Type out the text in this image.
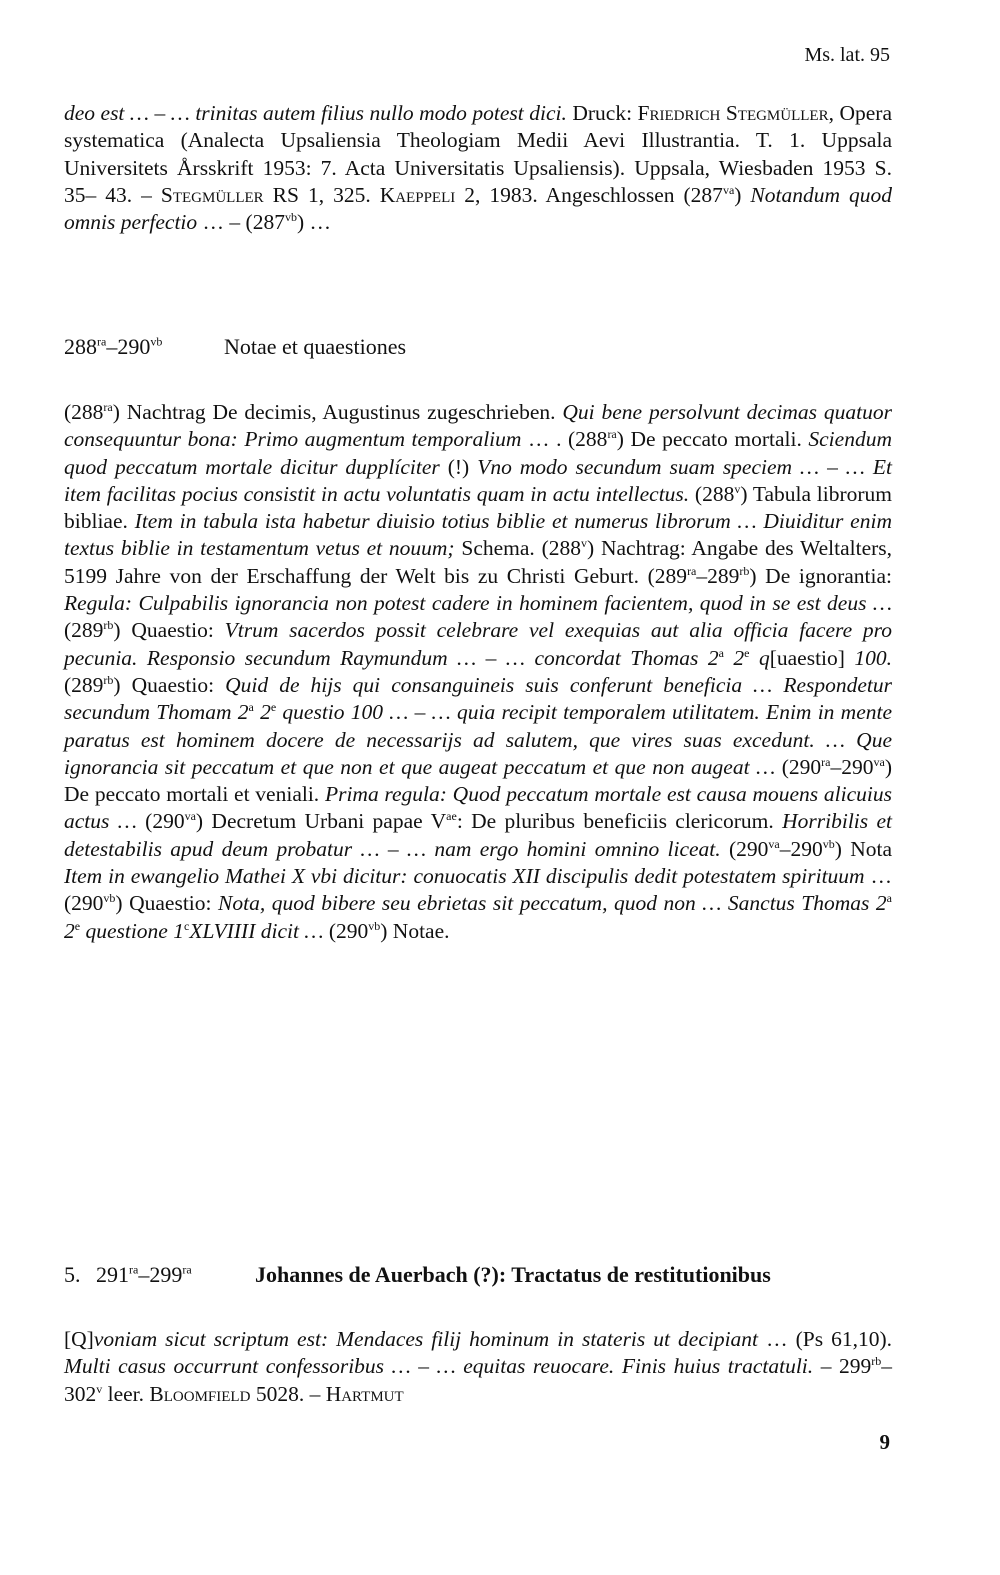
Ms. lat. 95

deo est … – … trinitas autem filius nullo modo potest dici. Druck: Friedrich Stegmüller, Opera systematica (Analecta Upsaliensia Theologiam Medii Aevi Illustrantia. T. 1. Uppsala Universitets Årsskrift 1953: 7. Acta Universitatis Upsaliensis). Uppsala, Wiesbaden 1953 S. 35– 43. – Stegmüller RS 1, 325. Kaeppeli 2, 1983. Angeschlossen $(287^{va})$ Notandum quod omnis perfectio … – $(287^{vb})$ …

$288^{ra}-290^{vb}$	Notae et quaestiones

$(288^{ra})$ Nachtrag De decimis, Augustinus zugeschrieben. Qui bene persolvunt decimas quatuor consequuntur bona: Primo augmentum temporalium … . $(288^{ra})$ De peccato mortali. Sciendum quod peccatum mortale dicitur dupplíciter (!) Vno modo secundum suam speciem … – … Et item facilitas pocius consistit in actu voluntatis quam in actu intellectus. (288$^v$) Tabula librorum bibliae. Item in tabula ista habetur diuisio totius biblie et numerus librorum … Diuiditur enim textus biblie in testamentum vetus et nouum; Schema. (288$^v$) Nachtrag: Angabe des Weltalters, 5199 Jahre von der Erschaffung der Welt bis zu Christi Geburt. $(289^{ra}-289^{rb})$ De ignorantia: Regula: Culpabilis ignorancia non potest cadere in hominem facientem, quod in se est deus … $(289^{rb})$ Quaestio: Vtrum sacerdos possit celebrare vel exequias aut alia officia facere pro pecunia. Responsio secundum Raymundum … – … concordat Thomas 2$^a$ 2e q[uaestio] 100. $(289^{rb})$ Quaestio: Quid de hijs qui consanguineis suis conferunt beneficia … Respondetur secundum Thomam 2$^a$ 2e questio 100 … – … quia recipit temporalem utilitatem. Enim in mente paratus est hominem docere de necessarijs ad salutem, que vires suas excedunt. … Que ignorancia sit peccatum et que non et que augeat peccatum et que non augeat … $(290^{ra}-290^{va})$ De peccato mortali et veniali. Prima regula: Quod peccatum mortale est causa mouens alicuius actus … $(290^{va})$ Decretum Urbani papae $V^{ae}$: De pluribus beneficiis clericorum. Horribilis et detestabilis apud deum probatur … – … nam ergo homini omnino liceat. $(290^{va}-290^{vb})$ Nota Item in ewangelio Mathei X vbi dicitur: conuocatis XII discipulis dedit potestatem spirituum … $(290^{vb})$ Quaestio: Nota, quod bibere seu ebrietas sit peccatum, quod non … Sanctus Thomas 2$^a$ 2e questione 1$^c$XLVIIII dicit … $(290^{vb})$ Notae.

5. $291^{ra}-299^{ra}$	Johannes de Auerbach (?): Tractatus de restitutionibus

[Q]voniam sicut scriptum est: Mendaces filij hominum in stateris ut decipiant … (Ps 61,10). Multi casus occurrunt confessoribus … – … equitas reuocare. Finis huius tractatuli. – $299^{rb}-302^v$ leer. Bloomfield 5028. – Hartmut

9
